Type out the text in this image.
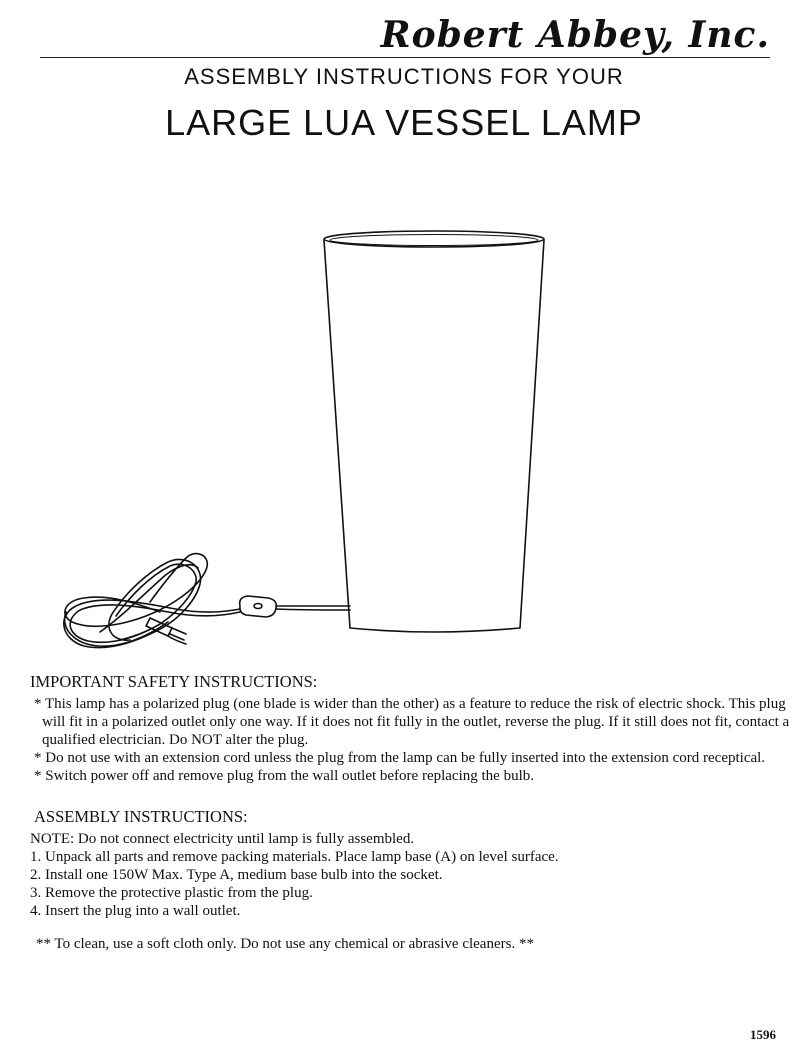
Robert Abbey, Inc.
ASSEMBLY INSTRUCTIONS FOR YOUR
LARGE LUA VESSEL LAMP
IMPORTANT SAFETY INSTRUCTIONS:

* This lamp has a polarized plug (one blade is wider than the other) as a feature to reduce the risk of electric shock. This plug will fit in a polarized outlet only one way. If it does not fit fully in the outlet, reverse the plug. If it still does not fit, contact a qualified electrician. Do NOT alter the plug.

* Do not use with an extension cord unless the plug from the lamp can be fully inserted into the extension cord receptical.

* Switch power off and remove plug from the wall outlet before replacing the bulb.

ASSEMBLY INSTRUCTIONS:

NOTE: Do not connect electricity until lamp is fully assembled.

1. Unpack all parts and remove packing materials. Place lamp base (A) on level surface.

2. Install one 150W Max. Type A, medium base bulb into the socket.

3. Remove the protective plastic from the plug.

4. Insert the plug into a wall outlet.

** To clean, use a soft cloth only. Do not use any chemical or abrasive cleaners. **
1596
